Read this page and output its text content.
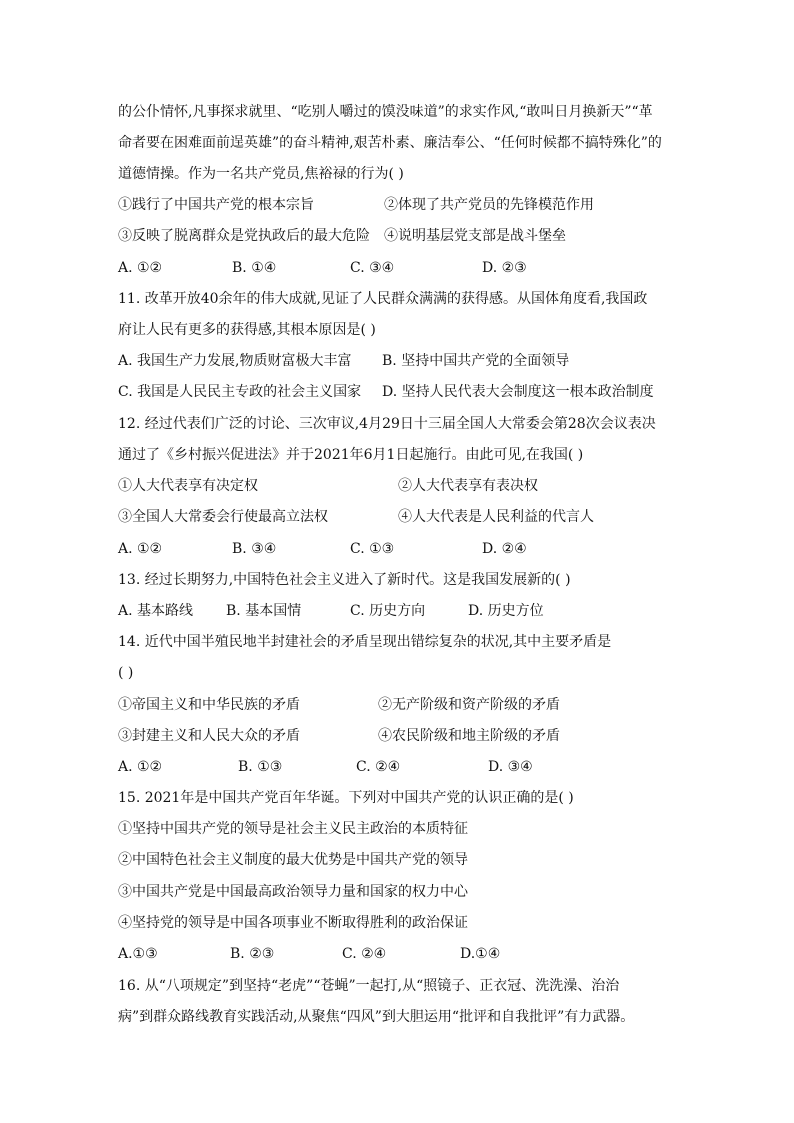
的公仆情怀,凡事探求就里、“吃别人嚼过的馍没味道”的求实作风,“敢叫日月换新天”“革
命者要在困难面前逞英雄”的奋斗精神,艰苦朴素、廉洁奉公、“任何时候都不搞特殊化”的
道德情操。作为一名共产党员,焦裕禄的行为( )
①践行了中国共产党的根本宗旨	②体现了共产党员的先锋模范作用
③反映了脱离群众是党执政后的最大危险 ④说明基层党支部是战斗堡垒
A. ①②	B. ①④	C. ③④	D. ②③
11. 改革开放40余年的伟大成就,见证了人民群众满满的获得感。从国体角度看,我国政
府让人民有更多的获得感,其根本原因是( )
A. 我国生产力发展,物质财富极大丰富 B. 坚持中国共产党的全面领导
C. 我国是人民民主专政的社会主义国家 D. 坚持人民代表大会制度这一根本政治制度
12. 经过代表们广泛的讨论、三次审议,4月29日十三届全国人大常委会第28次会议表决
通过了《乡村振兴促进法》并于2021年6月1日起施行。由此可见,在我国( )
①人大代表享有决定权	②人大代表享有表决权
③全国人大常委会行使最高立法权	④人大代表是人民利益的代言人
A. ①②	B. ③④	C. ①③	D. ②④
13. 经过长期努力,中国特色社会主义进入了新时代。这是我国发展新的( )
A. 基本路线 B. 基本国情	C. 历史方向	D. 历史方位
14. 近代中国半殖民地半封建社会的矛盾呈现出错综复杂的状况,其中主要矛盾是
( )
①帝国主义和中华民族的矛盾	②无产阶级和资产阶级的矛盾
③封建主义和人民大众的矛盾	④农民阶级和地主阶级的矛盾
A. ①②	B. ①③	C. ②④	D. ③④
15. 2021年是中国共产党百年华诞。下列对中国共产党的认识正确的是( )
①坚持中国共产党的领导是社会主义民主政治的本质特征
②中国特色社会主义制度的最大优势是中国共产党的领导
③中国共产党是中国最高政治领导力量和国家的权力中心
④坚持党的领导是中国各项事业不断取得胜利的政治保证
A.①③	B. ②③	C. ②④	D.①④
16. 从“八项规定”到坚持“老虎”“苍蝇”一起打,从“照镜子、正衣冠、洗洗澡、治治
病”到群众路线教育实践活动,从聚焦“四风”到大胆运用“批评和自我批评”有力武器。
